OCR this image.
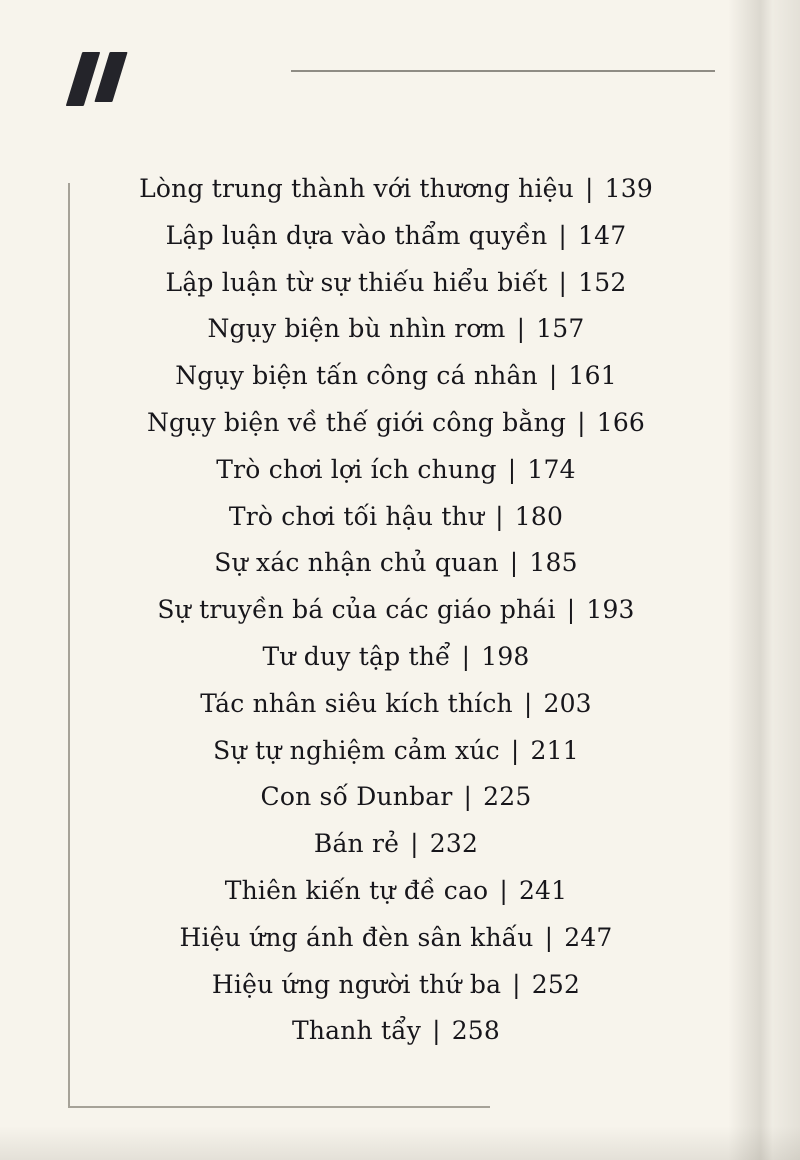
Lòng trung thành với thương hiệu | 139
Lập luận dựa vào thẩm quyền | 147
Lập luận từ sự thiếu hiểu biết | 152
Ngụy biện bù nhìn rơm | 157
Ngụy biện tấn công cá nhân | 161
Ngụy biện về thế giới công bằng | 166
Trò chơi lợi ích chung | 174
Trò chơi tối hậu thư | 180
Sự xác nhận chủ quan | 185
Sự truyền bá của các giáo phái | 193
Tư duy tập thể | 198
Tác nhân siêu kích thích | 203
Sự tự nghiệm cảm xúc | 211
Con số Dunbar | 225
Bán rẻ | 232
Thiên kiến tự đề cao | 241
Hiệu ứng ánh đèn sân khấu | 247
Hiệu ứng người thứ ba | 252
Thanh tẩy | 258
